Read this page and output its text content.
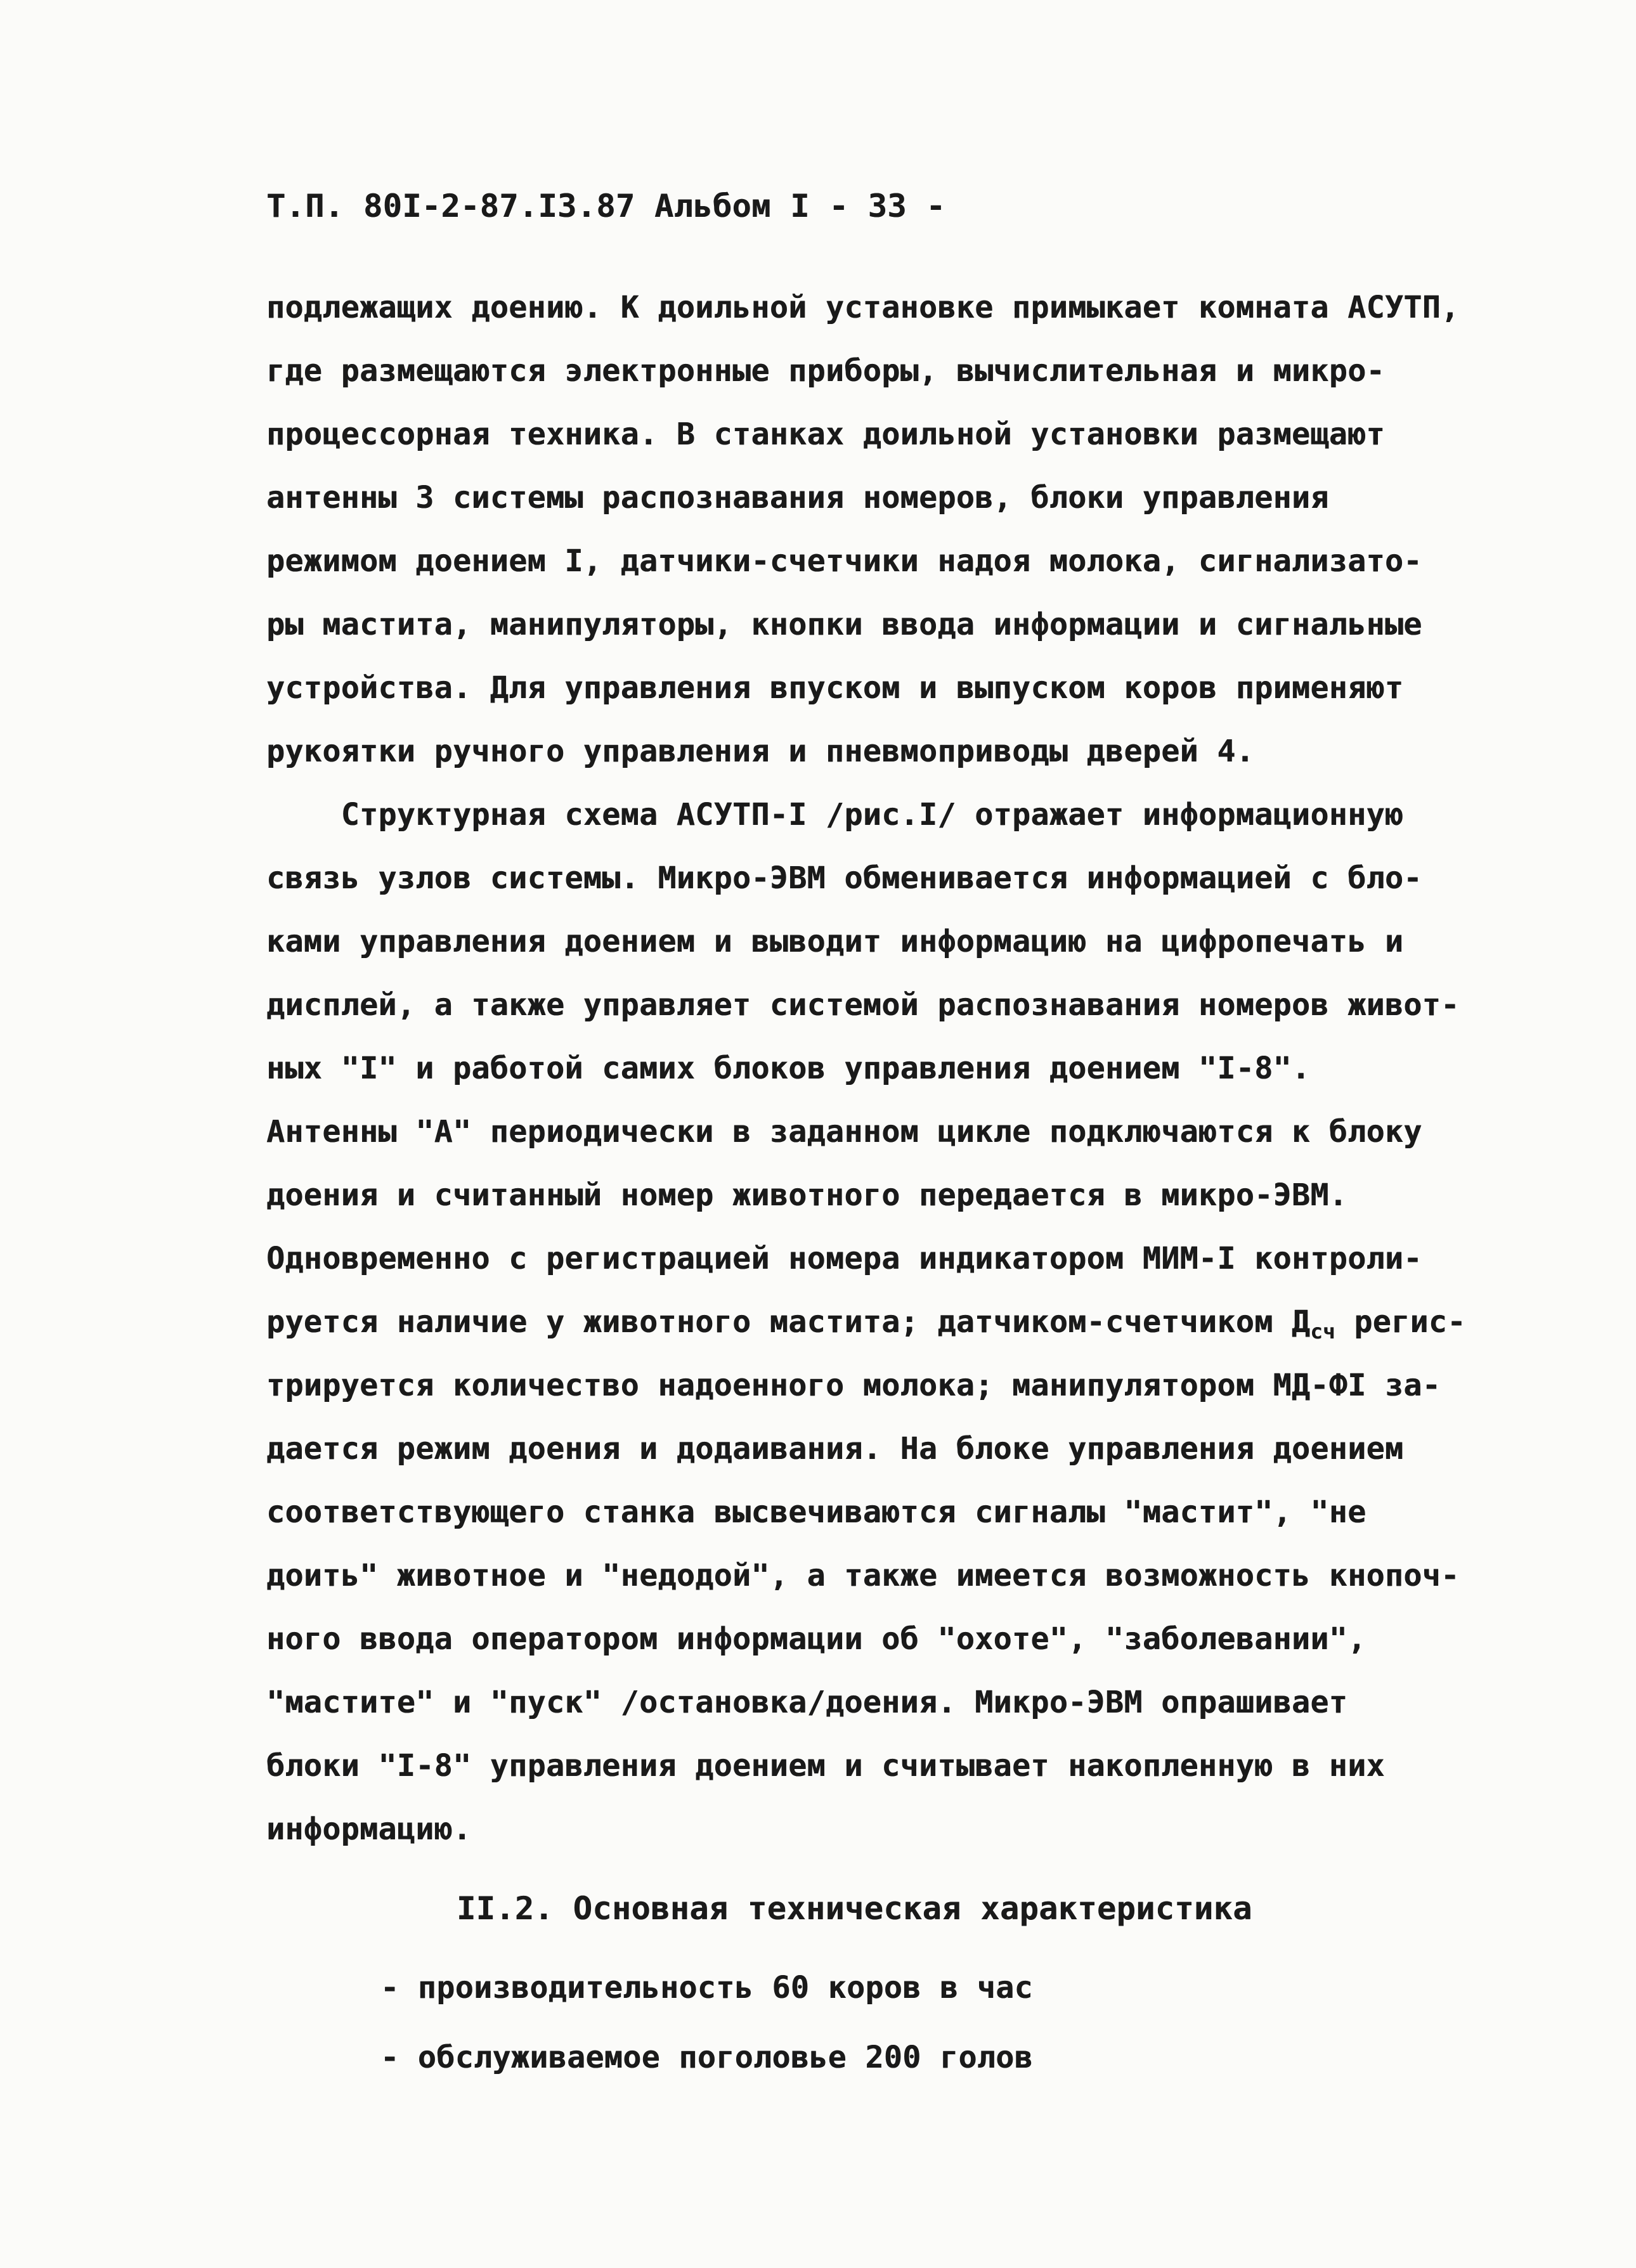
Т.П. 80I-2-87.I3.87 Альбом I - 33 -
подлежащих доению. К доильной установке примыкает комната АСУТП,
где размещаются электронные приборы, вычислительная и микро-
процессорная техника. В станках доильной установки размещают
антенны 3 системы распознавания номеров, блоки управления
режимом доением I, датчики-счетчики надоя молока, сигнализато-
ры мастита, манипуляторы, кнопки ввода информации и сигнальные
устройства. Для управления впуском и выпуском коров применяют
рукоятки ручного управления и пневмоприводы дверей 4.
Структурная схема АСУТП-I /рис.I/ отражает информационную
связь узлов системы. Микро-ЭВМ обменивается информацией с бло-
ками управления доением и выводит информацию на цифропечать и
дисплей, а также управляет системой распознавания номеров живот-
ных "I" и работой самих блоков управления доением "I-8".
Антенны "А" периодически в заданном цикле подключаются к блоку
доения и считанный номер животного передается в микро-ЭВМ.
Одновременно с регистрацией номера индикатором МИМ-I контроли-
руется наличие у животного мастита; датчиком-счетчиком $Д_{сч}$ регис-
трируется количество надоенного молока; манипулятором МД-ФI за-
дается режим доения и додаивания. На блоке управления доением
соответствующего станка высвечиваются сигналы "мастит", "не
доить" животное и "недодой", а также имеется возможность кнопоч-
ного ввода оператором информации об "охоте", "заболевании",
"мастите" и "пуск" /остановка/доения. Микро-ЭВМ опрашивает
блоки "I-8" управления доением и считывает накопленную в них
информацию.
II.2. Основная техническая характеристика
- производительность 60 коров в час
- обслуживаемое поголовье 200 голов
